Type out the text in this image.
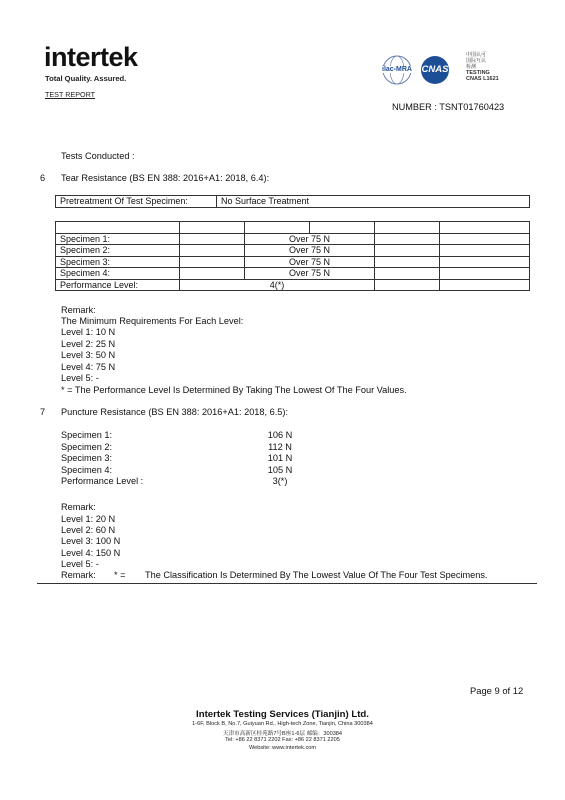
intertek
Total Quality. Assured.
TEST REPORT
ilac-MRA	CNAS
中国认可
国际互认
检测
TESTING
CNAS L1621
NUMBER : TSNT01760423
Tests Conducted :
6 Tear Resistance (BS EN 388: 2016+A1: 2018, 6.4):
Pretreatment Of Test Specimen:	No Surface Treatment

Specimen 1:		Over 75 N			
Specimen 2:		Over 75 N			
Specimen 3:		Over 75 N			
Specimen 4:		Over 75 N			
Performance Level:	4(*)				
Remark:
The Minimum Requirements For Each Level:
Level 1: 10 N
Level 2: 25 N
Level 3: 50 N
Level 4: 75 N
Level 5: -
* = The Performance Level Is Determined By Taking The Lowest Of The Four Values.
7 Puncture Resistance (BS EN 388: 2016+A1: 2018, 6.5):
Specimen 1:	106 N
Specimen 2:	112 N
Specimen 3:	101 N
Specimen 4:	105 N
Performance Level :	3(*)
Remark:
Level 1: 20 N
Level 2: 60 N
Level 3: 100 N
Level 4: 150 N
Level 5: -
Remark: * = The Classification Is Determined By The Lowest Value Of The Four Test Specimens.
Page 9 of 12
Intertek Testing Services (Tianjin) Ltd.
1-6F, Block B, No.7, Guiyuan Rd., High-tech Zone, Tianjin, China 300384
天津市高新区桂苑路7号B座1-6层 邮编：300384
Tel: +86 22 8371 2202 Fax: +86 22 8371 2205
Website: www.intertek.com
